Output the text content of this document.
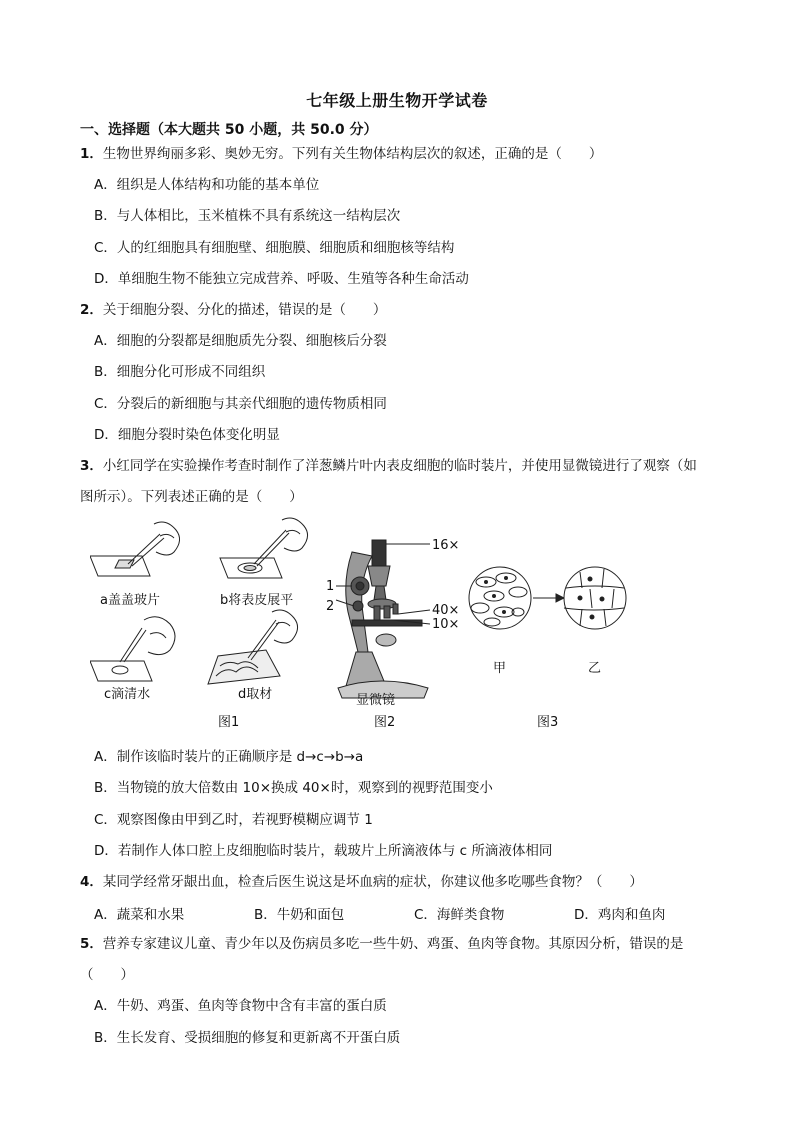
七年级上册生物开学试卷
一、选择题（本大题共 50 小题，共 50.0 分）
1．生物世界绚丽多彩、奥妙无穷。下列有关生物体结构层次的叙述，正确的是（　　）
A．组织是人体结构和功能的基本单位
B．与人体相比，玉米植株不具有系统这一结构层次
C．人的红细胞具有细胞壁、细胞膜、细胞质和细胞核等结构
D．单细胞生物不能独立完成营养、呼吸、生殖等各种生命活动
2．关于细胞分裂、分化的描述，错误的是（　　）
A．细胞的分裂都是细胞质先分裂、细胞核后分裂
B．细胞分化可形成不同组织
C．分裂后的新细胞与其亲代细胞的遗传物质相同
D．细胞分裂时染色体变化明显
3．小红同学在实验操作考查时制作了洋葱鳞片叶内表皮细胞的临时装片，并使用显微镜进行了观察（如
图所示）。下列表述正确的是（　　）
a盖盖玻片	b将表皮展平
c滴清水	d取材
图1	图2	图3
16×
40×
10×
1
2
显微镜
甲	乙
A．制作该临时装片的正确顺序是 d→c→b→a
B．当物镜的放大倍数由 10×换成 40×时，观察到的视野范围变小
C．观察图像由甲到乙时，若视野模糊应调节 1
D．若制作人体口腔上皮细胞临时装片，载玻片上所滴液体与 c 所滴液体相同
4．某同学经常牙龈出血，检查后医生说这是坏血病的症状，你建议他多吃哪些食物？（　　）
A．蔬菜和水果	B．牛奶和面包	C．海鲜类食物	D．鸡肉和鱼肉
5．营养专家建议儿童、青少年以及伤病员多吃一些牛奶、鸡蛋、鱼肉等食物。其原因分析，错误的是
（　　）
A．牛奶、鸡蛋、鱼肉等食物中含有丰富的蛋白质
B．生长发育、受损细胞的修复和更新离不开蛋白质
